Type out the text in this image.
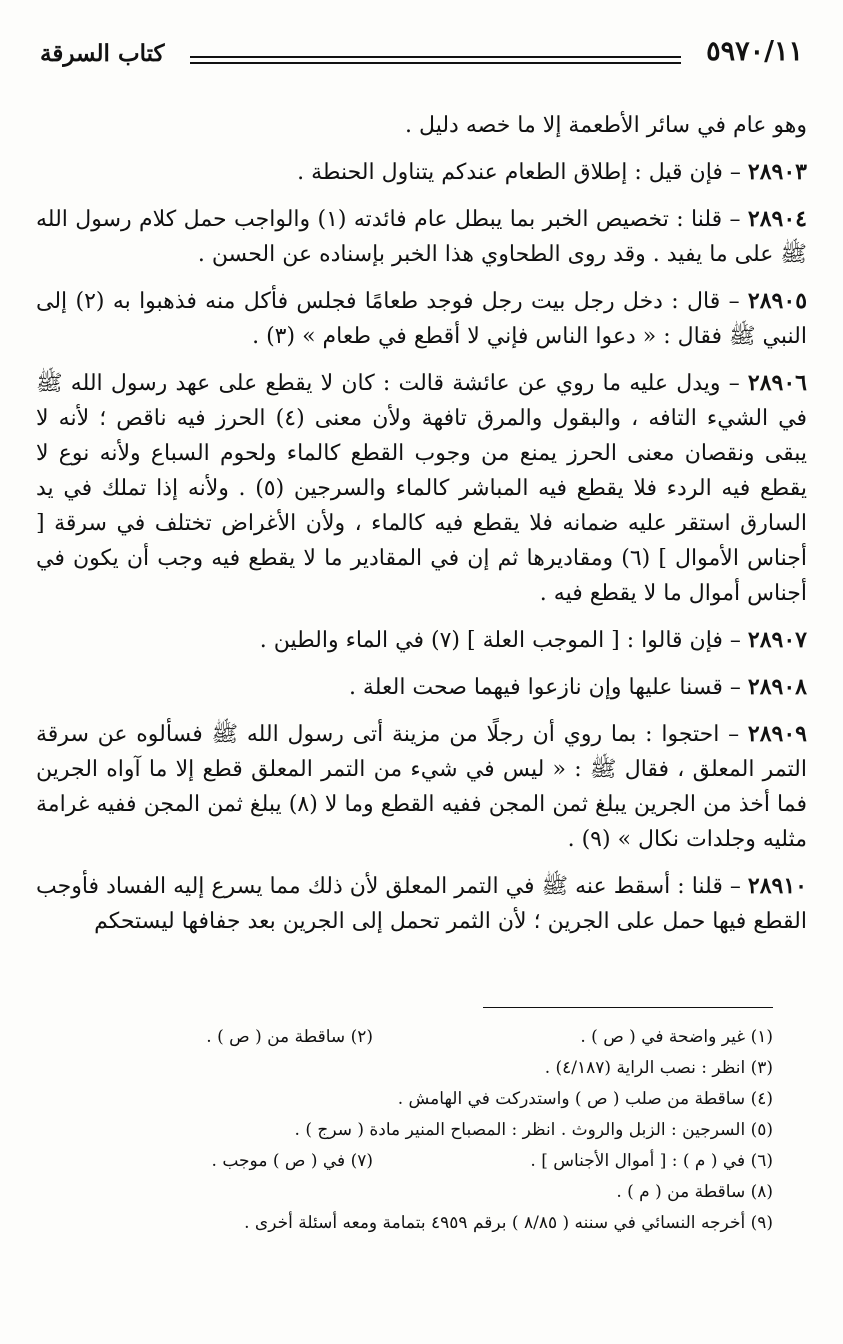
٥٩٧٠/١١
كتاب السرقة

وهو عام في سائر الأطعمة إلا ما خصه دليل .

٢٨٩٠٣ – فإن قيل : إطلاق الطعام عندكم يتناول الحنطة .

٢٨٩٠٤ – قلنا : تخصيص الخبر بما يبطل عام فائدته (١) والواجب حمل كلام رسول الله ﷺ على ما يفيد . وقد روى الطحاوي هذا الخبر بإسناده عن الحسن .

٢٨٩٠٥ – قال : دخل رجل بيت رجل فوجد طعامًا فجلس فأكل منه فذهبوا به (٢) إلى النبي ﷺ فقال : « دعوا الناس فإني لا أقطع في طعام » (٣) .

٢٨٩٠٦ – ويدل عليه ما روي عن عائشة قالت : كان لا يقطع على عهد رسول الله ﷺ في الشيء التافه ، والبقول والمرق تافهة ولأن معنى (٤) الحرز فيه ناقص ؛ لأنه لا يبقى ونقصان معنى الحرز يمنع من وجوب القطع كالماء ولحوم السباع ولأنه نوع لا يقطع فيه الردء فلا يقطع فيه المباشر كالماء والسرجين (٥) . ولأنه إذا تملك في يد السارق استقر عليه ضمانه فلا يقطع فيه كالماء ، ولأن الأغراض تختلف في سرقة [ أجناس الأموال ] (٦) ومقاديرها ثم إن في المقادير ما لا يقطع فيه وجب أن يكون في أجناس أموال ما لا يقطع فيه .

٢٨٩٠٧ – فإن قالوا : [ الموجب العلة ] (٧) في الماء والطين .

٢٨٩٠٨ – قسنا عليها وإن نازعوا فيهما صحت العلة .

٢٨٩٠٩ – احتجوا : بما روي أن رجلًا من مزينة أتى رسول الله ﷺ فسألوه عن سرقة التمر المعلق ، فقال ﷺ : « ليس في شيء من التمر المعلق قطع إلا ما آواه الجرين فما أخذ من الجرين يبلغ ثمن المجن ففيه القطع وما لا (٨) يبلغ ثمن المجن ففيه غرامة مثليه وجلدات نكال » (٩) .

٢٨٩١٠ – قلنا : أسقط عنه ﷺ في التمر المعلق لأن ذلك مما يسرع إليه الفساد فأوجب القطع فيها حمل على الجرين ؛ لأن الثمر تحمل إلى الجرين بعد جفافها ليستحكم

(١) غير واضحة في ( ص ) .
(٢) ساقطة من ( ص ) .
(٣) انظر : نصب الراية (٤/١٨٧) .
(٤) ساقطة من صلب ( ص ) واستدركت في الهامش .
(٥) السرجين : الزبل والروث . انظر : المصباح المنير مادة ( سرج ) .
(٦) في ( م ) : [ أموال الأجناس ] .
(٧) في ( ص ) موجب .
(٨) ساقطة من ( م ) .
(٩) أخرجه النسائي في سننه ( ٨/٨٥ ) برقم ٤٩٥٩ بتمامة ومعه أسئلة أخرى .
